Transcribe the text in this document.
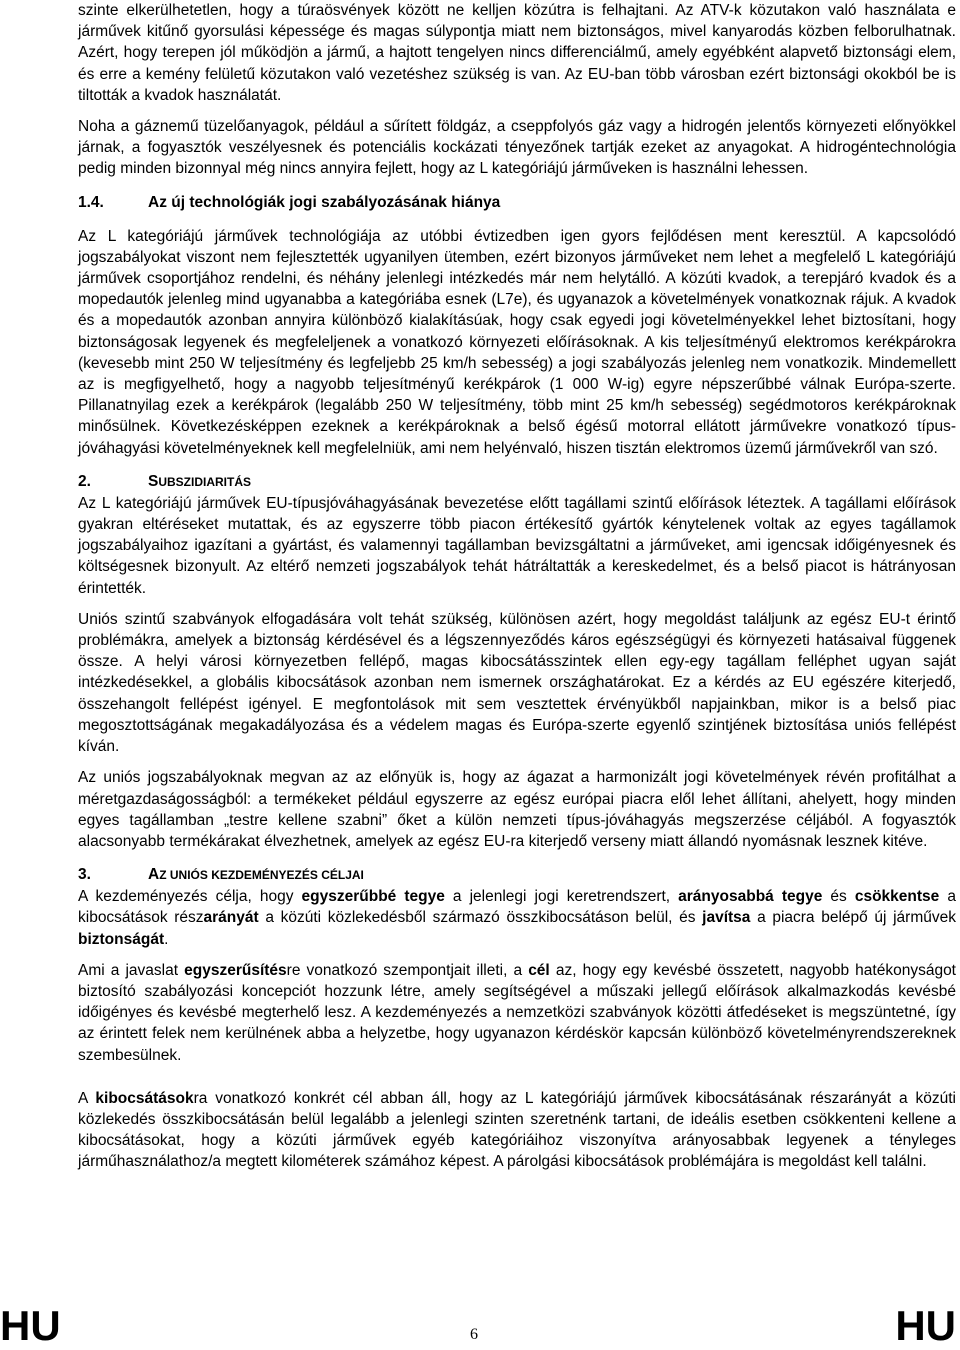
szinte elkerülhetetlen, hogy a túraösvények között ne kelljen közútra is felhajtani. Az ATV-k közutakon való használata e járművek kitűnő gyorsulási képessége és magas súlypontja miatt nem biztonságos, mivel kanyarodás közben felborulhatnak. Azért, hogy terepen jól működjön a jármű, a hajtott tengelyen nincs differenciálmű, amely egyébként alapvető biztonsági elem, és erre a kemény felületű közutakon való vezetéshez szükség is van. Az EU-ban több városban ezért biztonsági okokból be is tiltották a kvadok használatát.

Noha a gáznemű tüzelőanyagok, például a sűrített földgáz, a cseppfolyós gáz vagy a hidrogén jelentős környezeti előnyökkel járnak, a fogyasztók veszélyesnek és potenciális kockázati tényezőnek tartják ezeket az anyagokat. A hidrogéntechnológia pedig minden bizonnyal még nincs annyira fejlett, hogy az L kategóriájú járműveken is használni lehessen.

1.4.	Az új technológiák jogi szabályozásának hiánya

Az L kategóriájú járművek technológiája az utóbbi évtizedben igen gyors fejlődésen ment keresztül. A kapcsolódó jogszabályokat viszont nem fejlesztették ugyanilyen ütemben, ezért bizonyos járműveket nem lehet a megfelelő L kategóriájú járművek csoportjához rendelni, és néhány jelenlegi intézkedés már nem helytálló. A közúti kvadok, a terepjáró kvadok és a mopedautók jelenleg mind ugyanabba a kategóriába esnek (L7e), és ugyanazok a követelmények vonatkoznak rájuk. A kvadok és a mopedautók azonban annyira különböző kialakításúak, hogy csak egyedi jogi követelményekkel lehet biztosítani, hogy biztonságosak legyenek és megfeleljenek a vonatkozó környezeti előírásoknak. A kis teljesítményű elektromos kerékpárokra (kevesebb mint 250 W teljesítmény és legfeljebb 25 km/h sebesség) a jogi szabályozás jelenleg nem vonatkozik. Mindemellett az is megfigyelhető, hogy a nagyobb teljesítményű kerékpárok (1 000 W-ig) egyre népszerűbbé válnak Európa-szerte. Pillanatnyilag ezek a kerékpárok (legalább 250 W teljesítmény, több mint 25 km/h sebesség) segédmotoros kerékpároknak minősülnek. Következésképpen ezeknek a kerékpároknak a belső égésű motorral ellátott járművekre vonatkozó típus-jóváhagyási követelményeknek kell megfelelniük, ami nem helyénvaló, hiszen tisztán elektromos üzemű járművekről van szó.

2.	SUBSZIDIARITÁS

Az L kategóriájú járművek EU-típusjóváhagyásának bevezetése előtt tagállami szintű előírások léteztek. A tagállami előírások gyakran eltéréseket mutattak, és az egyszerre több piacon értékesítő gyártók kénytelenek voltak az egyes tagállamok jogszabályaihoz igazítani a gyártást, és valamennyi tagállamban bevizsgáltatni a járműveket, ami igencsak időigényesnek és költségesnek bizonyult. Az eltérő nemzeti jogszabályok tehát hátráltatták a kereskedelmet, és a belső piacot is hátrányosan érintették.

Uniós szintű szabványok elfogadására volt tehát szükség, különösen azért, hogy megoldást találjunk az egész EU-t érintő problémákra, amelyek a biztonság kérdésével és a légszennyeződés káros egészségügyi és környezeti hatásaival függenek össze. A helyi városi környezetben fellépő, magas kibocsátásszintek ellen egy-egy tagállam felléphet ugyan saját intézkedésekkel, a globális kibocsátások azonban nem ismernek országhatárokat. Ez a kérdés az EU egészére kiterjedő, összehangolt fellépést igényel. E megfontolások mit sem vesztettek érvényükből napjainkban, mikor is a belső piac megosztottságának megakadályozása és a védelem magas és Európa-szerte egyenlő szintjének biztosítása uniós fellépést kíván.

Az uniós jogszabályoknak megvan az az előnyük is, hogy az ágazat a harmonizált jogi követelmények révén profitálhat a méretgazdaságosságból: a termékeket például egyszerre az egész európai piacra elől lehet állítani, ahelyett, hogy minden egyes tagállamban „testre kellene szabni” őket a külön nemzeti típus-jóváhagyás megszerzése céljából. A fogyasztók alacsonyabb termékárakat élvezhetnek, amelyek az egész EU-ra kiterjedő verseny miatt állandó nyomásnak lesznek kitéve.

3.	AZ UNIÓS KEZDEMÉNYEZÉS CÉLJAI

A kezdeményezés célja, hogy egyszerűbbé tegye a jelenlegi jogi keretrendszert, arányosabbá tegye és csökkentse a kibocsátások részarányát a közúti közlekedésből származó összkibocsátáson belül, és javítsa a piacra belépő új járművek biztonságát.

Ami a javaslat egyszerűsítésre vonatkozó szempontjait illeti, a cél az, hogy egy kevésbé összetett, nagyobb hatékonyságot biztosító szabályozási koncepciót hozzunk létre, amely segítségével a műszaki jellegű előírások alkalmazkodás kevésbé időigényes és kevésbé megterhelő lesz. A kezdeményezés a nemzetközi szabványok közötti átfedéseket is megszüntetné, így az érintett felek nem kerülnének abba a helyzetbe, hogy ugyanazon kérdéskör kapcsán különböző követelményrendszereknek szembesülnek.

A kibocsátásokra vonatkozó konkrét cél abban áll, hogy az L kategóriájú járművek kibocsátásának részarányát a közúti közlekedés összkibocsátásán belül legalább a jelenlegi szinten szeretnénk tartani, de ideális esetben csökkenteni kellene a kibocsátásokat, hogy a közúti járművek egyéb kategóriáihoz viszonyítva arányosabbak legyenek a tényleges járműhasználathoz/a megtett kilométerek számához képest. A párolgási kibocsátások problémájára is megoldást kell találni.

HU	6	HU
